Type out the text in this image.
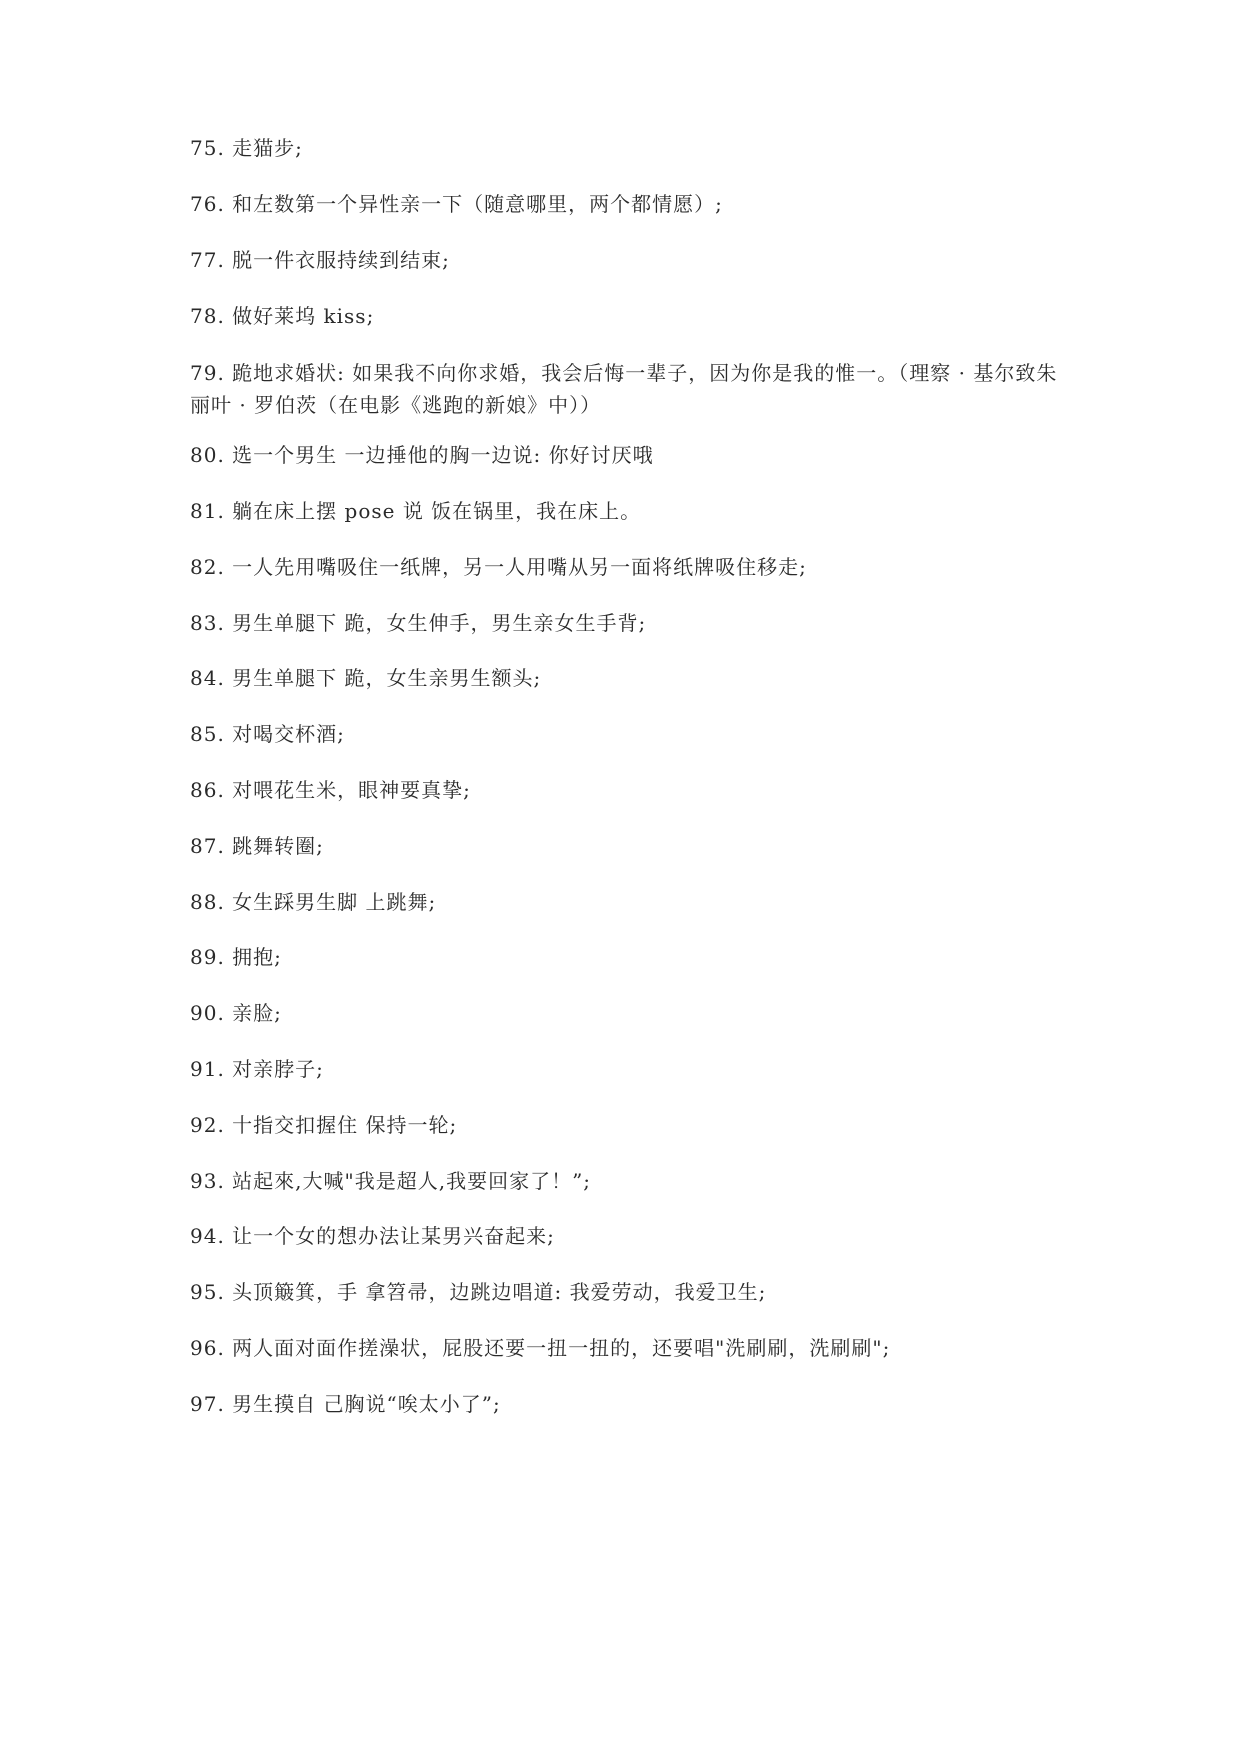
75. 走猫步;
76. 和左数第一个异性亲一下（随意哪里，两个都情愿）;
77. 脱一件衣服持续到结束;
78. 做好莱坞 kiss;
79. 跪地求婚状: 如果我不向你求婚，我会后悔一辈子，因为你是我的惟一。（理察 · 基尔致朱丽叶 · 罗伯茨（在电影《逃跑的新娘》中））
80. 选一个男生 一边捶他的胸一边说: 你好讨厌哦
81. 躺在床上摆 pose 说 饭在锅里，我在床上。
82. 一人先用嘴吸住一纸牌，另一人用嘴从另一面将纸牌吸住移走;
83. 男生单腿下 跪，女生伸手，男生亲女生手背;
84. 男生单腿下 跪，女生亲男生额头;
85. 对喝交杯酒;
86. 对喂花生米，眼神要真挚;
87. 跳舞转圈;
88. 女生踩男生脚 上跳舞;
89. 拥抱;
90. 亲脸;
91. 对亲脖子;
92. 十指交扣握住 保持一轮;
93. 站起來,大喊"我是超人,我要回家了！”;
94. 让一个女的想办法让某男兴奋起来;
95. 头顶簸箕，手 拿笤帚，边跳边唱道: 我爱劳动，我爱卫生;
96. 两人面对面作搓澡状，屁股还要一扭一扭的，还要唱"洗刷刷，洗刷刷";
97. 男生摸自 己胸说“唉太小了”;
